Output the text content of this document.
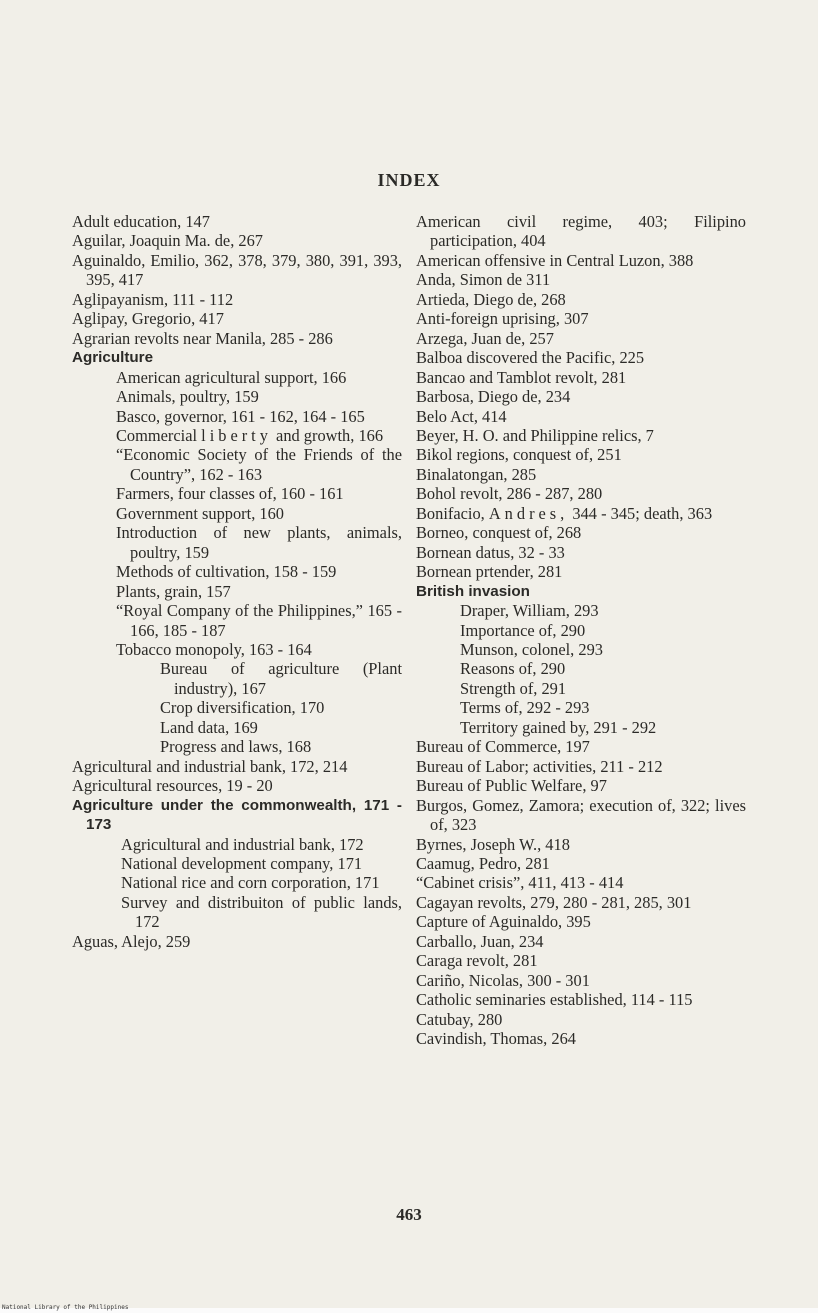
INDEX
Adult education, 147
Aguilar, Joaquin Ma. de, 267
Aguinaldo, Emilio, 362, 378, 379, 380, 391, 393, 395, 417
Aglipayanism, 111 - 112
Aglipay, Gregorio, 417
Agrarian revolts near Manila, 285 - 286
Agriculture
American agricultural support, 166
Animals, poultry, 159
Basco, governor, 161 - 162, 164 - 165
Commercial liberty and growth, 166
“Economic Society of the Friends of the Country”, 162 - 163
Farmers, four classes of, 160 - 161
Government support, 160
Introduction of new plants, animals, poultry, 159
Methods of cultivation, 158 - 159
Plants, grain, 157
“Royal Company of the Philippines,” 165 - 166, 185 - 187
Tobacco monopoly, 163 - 164
Bureau of agriculture (Plant industry), 167
Crop diversification, 170
Land data, 169
Progress and laws, 168
Agricultural and industrial bank, 172, 214
Agricultural resources, 19 - 20
Agriculture under the commonwealth, 171 - 173
Agricultural and industrial bank, 172
National development company, 171
National rice and corn corporation, 171
Survey and distribuiton of public lands, 172
Aguas, Alejo, 259
American civil regime, 403; Filipino participation, 404
American offensive in Central Luzon, 388
Anda, Simon de 311
Artieda, Diego de, 268
Anti-foreign uprising, 307
Arzega, Juan de, 257
Balboa discovered the Pacific, 225
Bancao and Tamblot revolt, 281
Barbosa, Diego de, 234
Belo Act, 414
Beyer, H. O. and Philippine relics, 7
Bikol regions, conquest of, 251
Binalatongan, 285
Bohol revolt, 286 - 287, 280
Bonifacio, Andres, 344 - 345; death, 363
Borneo, conquest of, 268
Bornean datus, 32 - 33
Bornean prtender, 281
British invasion
Draper, William, 293
Importance of, 290
Munson, colonel, 293
Reasons of, 290
Strength of, 291
Terms of, 292 - 293
Territory gained by, 291 - 292
Bureau of Commerce, 197
Bureau of Labor; activities, 211 - 212
Bureau of Public Welfare, 97
Burgos, Gomez, Zamora; execution of, 322; lives of, 323
Byrnes, Joseph W., 418
Caamug, Pedro, 281
“Cabinet crisis”, 411, 413 - 414
Cagayan revolts, 279, 280 - 281, 285, 301
Capture of Aguinaldo, 395
Carballo, Juan, 234
Caraga revolt, 281
Cariño, Nicolas, 300 - 301
Catholic seminaries established, 114 - 115
Catubay, 280
Cavindish, Thomas, 264
463
National Library of the Philippines
